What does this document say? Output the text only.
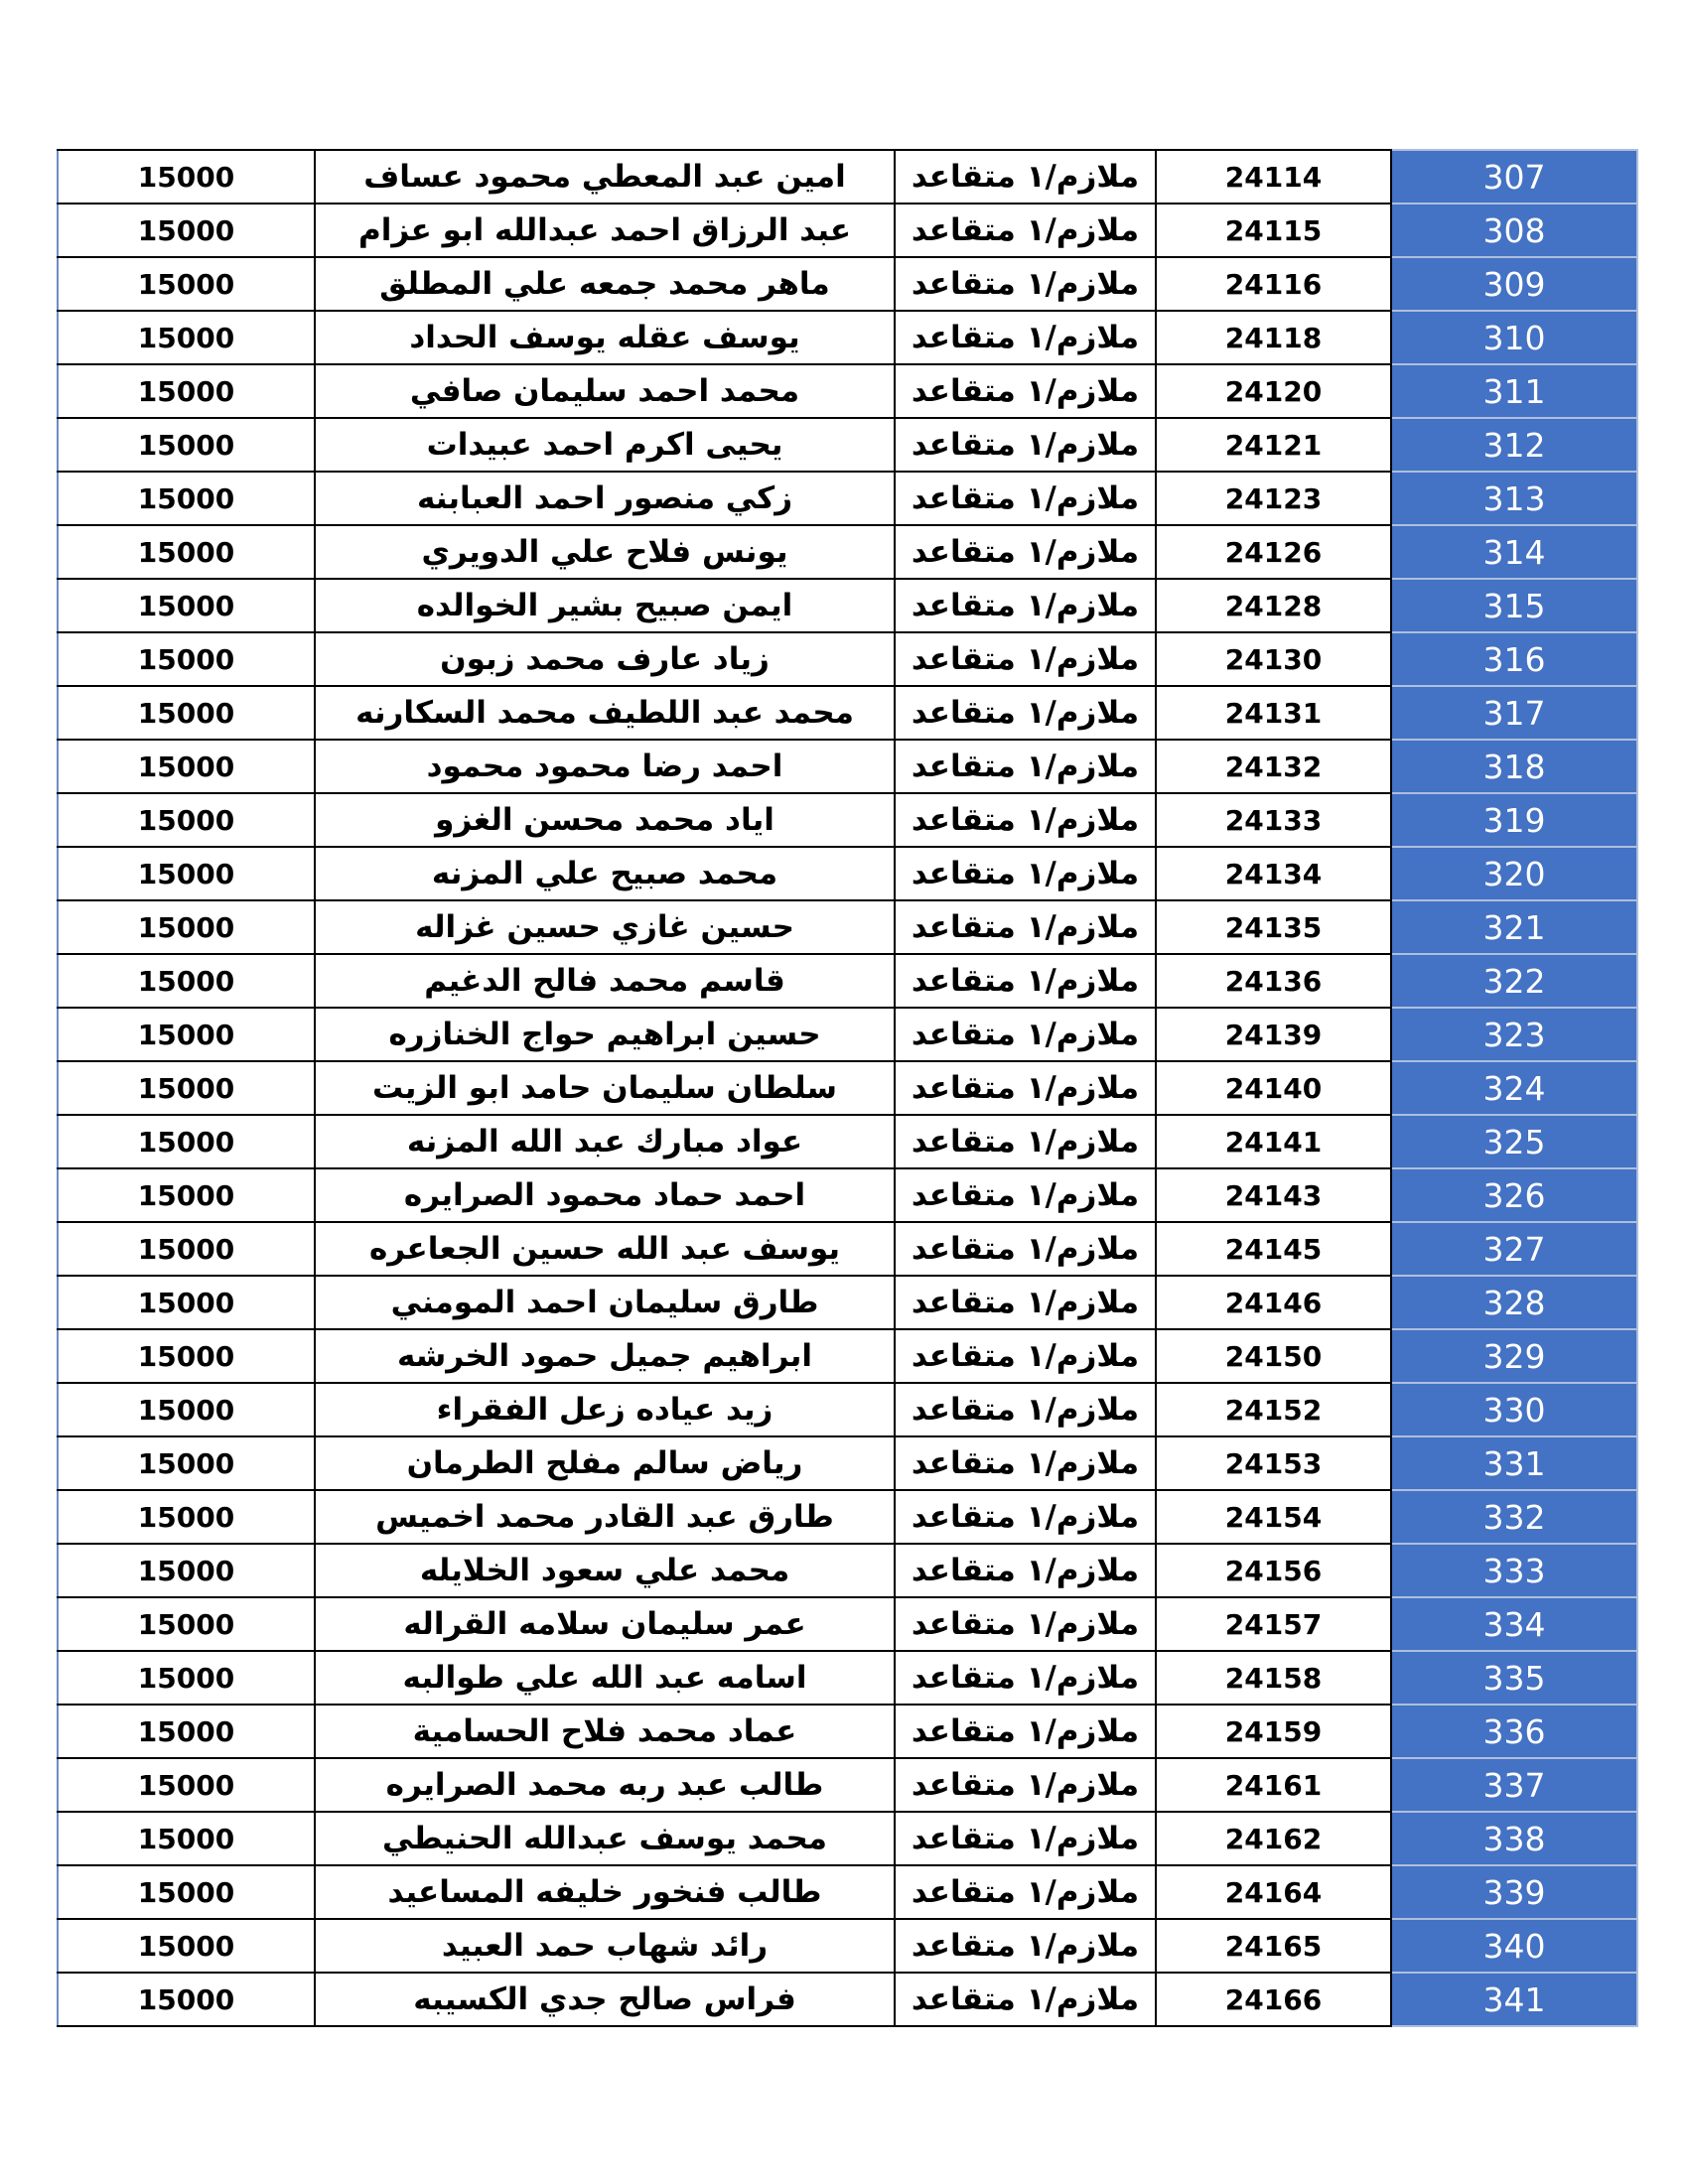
15000	امين عبد المعطي محمود عساف	ملازم/١ متقاعد	24114	307
15000	عبد الرزاق احمد عبدالله ابو عزام	ملازم/١ متقاعد	24115	308
15000	ماهر محمد جمعه علي المطلق	ملازم/١ متقاعد	24116	309
15000	يوسف عقله يوسف الحداد	ملازم/١ متقاعد	24118	310
15000	محمد احمد سليمان صافي	ملازم/١ متقاعد	24120	311
15000	يحيى اكرم احمد عبيدات	ملازم/١ متقاعد	24121	312
15000	زكي منصور احمد العبابنه	ملازم/١ متقاعد	24123	313
15000	يونس فلاح علي الدويري	ملازم/١ متقاعد	24126	314
15000	ايمن صبيح بشير الخوالده	ملازم/١ متقاعد	24128	315
15000	زياد عارف محمد زبون	ملازم/١ متقاعد	24130	316
15000	محمد عبد اللطيف محمد السكارنه	ملازم/١ متقاعد	24131	317
15000	احمد رضا محمود محمود	ملازم/١ متقاعد	24132	318
15000	اياد محمد محسن الغزو	ملازم/١ متقاعد	24133	319
15000	محمد صبيح علي المزنه	ملازم/١ متقاعد	24134	320
15000	حسين غازي حسين غزاله	ملازم/١ متقاعد	24135	321
15000	قاسم محمد فالح الدغيم	ملازم/١ متقاعد	24136	322
15000	حسين ابراهيم حواج الخنازره	ملازم/١ متقاعد	24139	323
15000	سلطان سليمان حامد ابو الزيت	ملازم/١ متقاعد	24140	324
15000	عواد مبارك عبد الله المزنه	ملازم/١ متقاعد	24141	325
15000	احمد حماد محمود الصرايره	ملازم/١ متقاعد	24143	326
15000	يوسف عبد الله حسين الجعاعره	ملازم/١ متقاعد	24145	327
15000	طارق سليمان احمد المومني	ملازم/١ متقاعد	24146	328
15000	ابراهيم جميل حمود الخرشه	ملازم/١ متقاعد	24150	329
15000	زيد عياده زعل الفقراء	ملازم/١ متقاعد	24152	330
15000	رياض سالم مفلح الطرمان	ملازم/١ متقاعد	24153	331
15000	طارق عبد القادر محمد اخميس	ملازم/١ متقاعد	24154	332
15000	محمد علي سعود الخلايله	ملازم/١ متقاعد	24156	333
15000	عمر سليمان سلامه القراله	ملازم/١ متقاعد	24157	334
15000	اسامه عبد الله علي طوالبه	ملازم/١ متقاعد	24158	335
15000	عماد محمد فلاح الحسامية	ملازم/١ متقاعد	24159	336
15000	طالب عبد ربه محمد الصرايره	ملازم/١ متقاعد	24161	337
15000	محمد يوسف عبدالله الحنيطي	ملازم/١ متقاعد	24162	338
15000	طالب فنخور خليفه المساعيد	ملازم/١ متقاعد	24164	339
15000	رائد شهاب حمد العبيد	ملازم/١ متقاعد	24165	340
15000	فراس صالح جدي الكسيبه	ملازم/١ متقاعد	24166	341
